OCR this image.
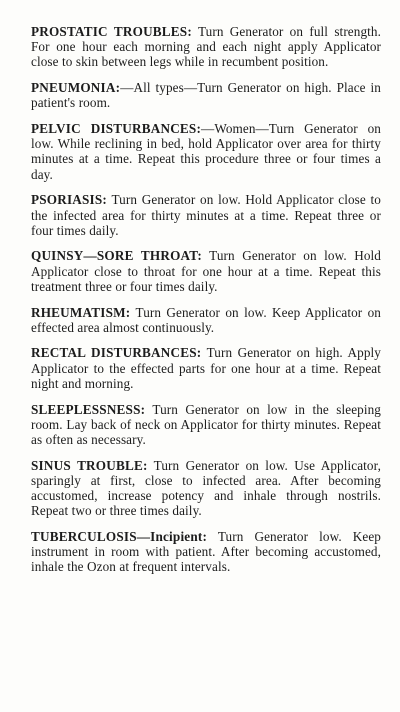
PROSTATIC TROUBLES: Turn Generator on full strength. For one hour each morning and each night apply Applicator close to skin between legs while in recumbent position.

PNEUMONIA:—All types—Turn Generator on high. Place in patient's room.

PELVIC DISTURBANCES:—Women—Turn Generator on low. While reclining in bed, hold Applicator over area for thirty minutes at a time. Repeat this procedure three or four times a day.

PSORIASIS: Turn Generator on low. Hold Applicator close to the infected area for thirty minutes at a time. Repeat three or four times daily.

QUINSY—SORE THROAT: Turn Generator on low. Hold Applicator close to throat for one hour at a time. Repeat this treatment three or four times daily.

RHEUMATISM: Turn Generator on low. Keep Applicator on effected area almost continuously.

RECTAL DISTURBANCES: Turn Generator on high. Apply Applicator to the effected parts for one hour at a time. Repeat night and morning.

SLEEPLESSNESS: Turn Generator on low in the sleeping room. Lay back of neck on Applicator for thirty minutes. Repeat as often as necessary.

SINUS TROUBLE: Turn Generator on low. Use Applicator, sparingly at first, close to infected area. After becoming accustomed, increase potency and inhale through nostrils. Repeat two or three times daily.

TUBERCULOSIS—Incipient: Turn Generator low. Keep instrument in room with patient. After becoming accustomed, inhale the Ozon at frequent intervals.
